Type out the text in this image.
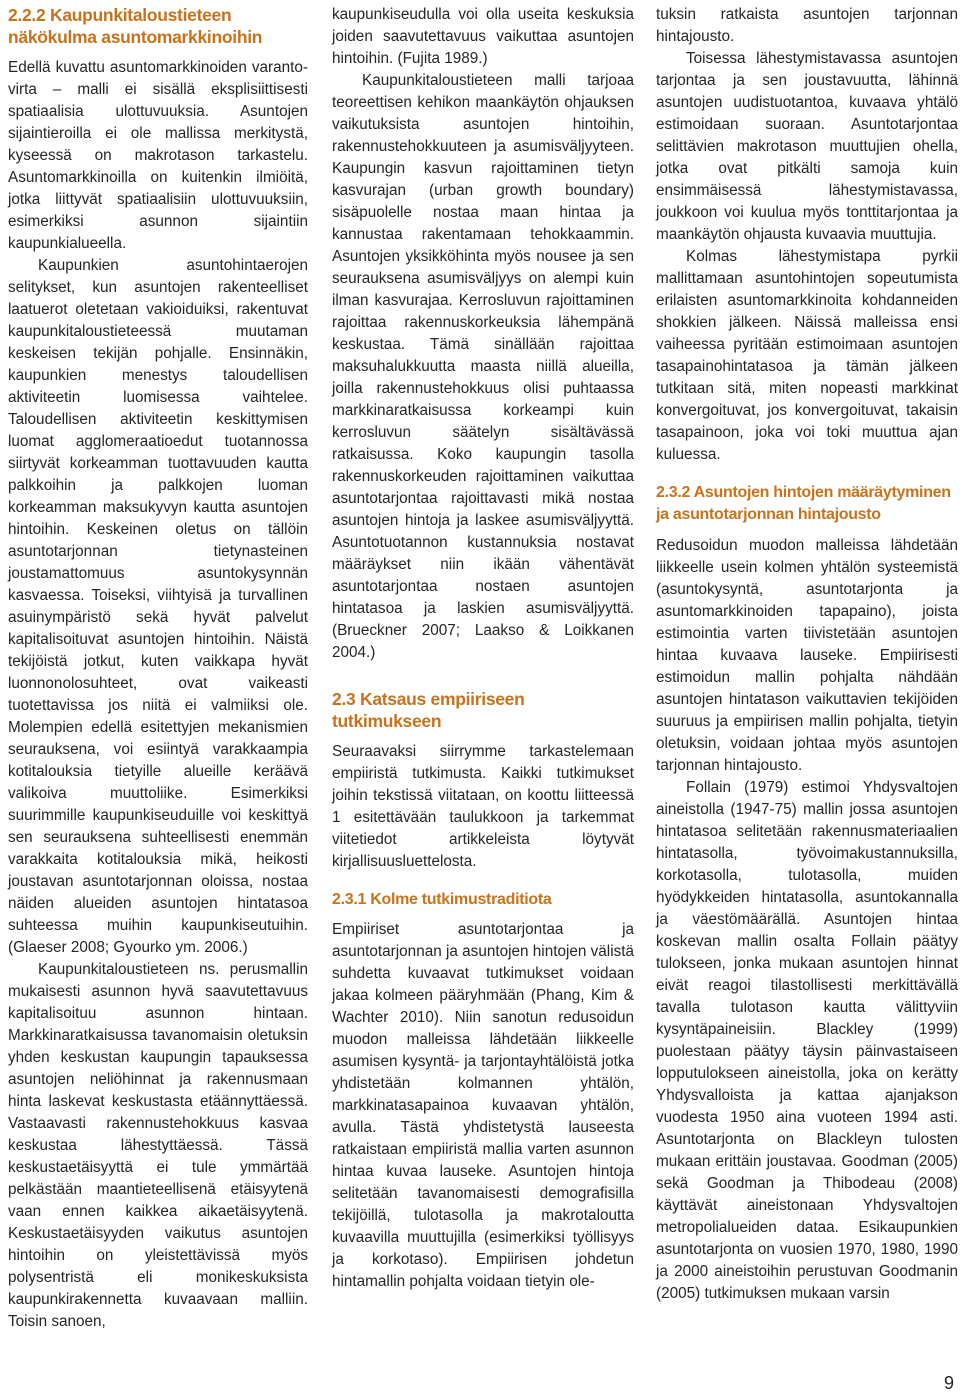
2.2.2 Kaupunkitaloustieteen näkökulma asuntomarkkinoihin

Edellä kuvattu asuntomarkkinoiden varanto-virta – malli ei sisällä eksplisiittisesti spatiaalisia ulottuvuuksia. Asuntojen sijaintieroilla ei ole mallissa merkitystä, kyseessä on makrotason tarkastelu. Asuntomarkkinoilla on kuitenkin ilmiöitä, jotka liittyvät spatiaalisiin ulottuvuuksiin, esimerkiksi asunnon sijaintiin kaupunkialueella.

Kaupunkien asuntohintaerojen selitykset, kun asuntojen rakenteelliset laatuerot oletetaan vakioiduiksi, rakentuvat kaupunkitaloustieteessä muutaman keskeisen tekijän pohjalle. Ensinnäkin, kaupunkien menestys taloudellisen aktiviteetin luomisessa vaihtelee. Taloudellisen aktiviteetin keskittymisen luomat agglomeraatioedut tuotannossa siirtyvät korkeamman tuottavuuden kautta palkkoihin ja palkkojen luoman korkeamman maksukyvyn kautta asuntojen hintoihin. Keskeinen oletus on tällöin asuntotarjonnan tietynasteinen joustamattomuus asuntokysynnän kasvaessa. Toiseksi, viihtyisä ja turvallinen asuinympäristö sekä hyvät palvelut kapitalisoituvat asuntojen hintoihin. Näistä tekijöistä jotkut, kuten vaikkapa hyvät luonnonolosuhteet, ovat vaikeasti tuotettavissa jos niitä ei valmiiksi ole. Molempien edellä esitettyjen mekanismien seurauksena, voi esiintyä varakkaampia kotitalouksia tietyille alueille keräävä valikoiva muuttoliike. Esimerkiksi suurimmille kaupunkiseuduille voi keskittyä sen seurauksena suhteellisesti enemmän varakkaita kotitalouksia mikä, heikosti joustavan asuntotarjonnan oloissa, nostaa näiden alueiden asuntojen hintatasoa suhteessa muihin kaupunkiseutuihin. (Glaeser 2008; Gyourko ym. 2006.)

Kaupunkitaloustieteen ns. perusmallin mukaisesti asunnon hyvä saavutettavuus kapitalisoituu asunnon hintaan. Markkinaratkaisussa tavanomaisin oletuksin yhden keskustan kaupungin tapauksessa asuntojen neliöhinnat ja rakennusmaan hinta laskevat keskustasta etäännyttäessä. Vastaavasti rakennustehokkuus kasvaa keskustaa lähestyttäessä. Tässä keskustaetäisyyttä ei tule ymmärtää pelkästään maantieteellisenä etäisyytenä vaan ennen kaikkea aikaetäisyytenä. Keskustaetäisyyden vaikutus asuntojen hintoihin on yleistettävissä myös polysentristä eli monikeskuksista kaupunkirakennetta kuvaavaan malliin. Toisin sanoen,

kaupunkiseudulla voi olla useita keskuksia joiden saavutettavuus vaikuttaa asuntojen hintoihin. (Fujita 1989.)

Kaupunkitaloustieteen malli tarjoaa teoreettisen kehikon maankäytön ohjauksen vaikutuksista asuntojen hintoihin, rakennustehokkuuteen ja asumisväljyyteen. Kaupungin kasvun rajoittaminen tietyn kasvurajan (urban growth boundary) sisäpuolelle nostaa maan hintaa ja kannustaa rakentamaan tehokkaammin. Asuntojen yksikköhinta myös nousee ja sen seurauksena asumisväljyys on alempi kuin ilman kasvurajaa. Kerrosluvun rajoittaminen rajoittaa rakennuskorkeuksia lähempänä keskustaa. Tämä sinällään rajoittaa maksuhalukkuutta maasta niillä alueilla, joilla rakennustehokkuus olisi puhtaassa markkinaratkaisussa korkeampi kuin kerrosluvun säätelyn sisältävässä ratkaisussa. Koko kaupungin tasolla rakennuskorkeuden rajoittaminen vaikuttaa asuntotarjontaa rajoittavasti mikä nostaa asuntojen hintoja ja laskee asumisväljyyttä. Asuntotuotannon kustannuksia nostavat määräykset niin ikään vähentävät asuntotarjontaa nostaen asuntojen hintatasoa ja laskien asumisväljyyttä. (Brueckner 2007; Laakso & Loikkanen 2004.)

2.3 Katsaus empiiriseen tutkimukseen

Seuraavaksi siirrymme tarkastelemaan empiiristä tutkimusta. Kaikki tutkimukset joihin tekstissä viitataan, on koottu liitteessä 1 esitettävään taulukkoon ja tarkemmat viitetiedot artikkeleista löytyvät kirjallisuusluettelosta.

2.3.1 Kolme tutkimustraditiota

Empiiriset asuntotarjontaa ja asuntotarjonnan ja asuntojen hintojen välistä suhdetta kuvaavat tutkimukset voidaan jakaa kolmeen pääryhmään (Phang, Kim & Wachter 2010). Niin sanotun redusoidun muodon malleissa lähdetään liikkeelle asumisen kysyntä- ja tarjontayhtälöistä jotka yhdistetään kolmannen yhtälön, markkinatasapainoa kuvaavan yhtälön, avulla. Tästä yhdistetystä lauseesta ratkaistaan empiiristä mallia varten asunnon hintaa kuvaa lauseke. Asuntojen hintoja selitetään tavanomaisesti demografisilla tekijöillä, tulotasolla ja makrotaloutta kuvaavilla muuttujilla (esimerkiksi työllisyys ja korkotaso). Empiirisen johdetun hintamallin pohjalta voidaan tietyin ole-

tuksin ratkaista asuntojen tarjonnan hintajousto.

Toisessa lähestymistavassa asuntojen tarjontaa ja sen joustavuutta, lähinnä asuntojen uudistuotantoa, kuvaava yhtälö estimoidaan suoraan. Asuntotarjontaa selittävien makrotason muuttujien ohella, jotka ovat pitkälti samoja kuin ensimmäisessä lähestymistavassa, joukkoon voi kuulua myös tonttitarjontaa ja maankäytön ohjausta kuvaavia muuttujia.

Kolmas lähestymistapa pyrkii mallittamaan asuntohintojen sopeutumista erilaisten asuntomarkkinoita kohdanneiden shokkien jälkeen. Näissä malleissa ensi vaiheessa pyritään estimoimaan asuntojen tasapainohintatasoa ja tämän jälkeen tutkitaan sitä, miten nopeasti markkinat konvergoituvat, jos konvergoituvat, takaisin tasapainoon, joka voi toki muuttua ajan kuluessa.

2.3.2 Asuntojen hintojen määräytyminen ja asuntotarjonnan hintajousto

Redusoidun muodon malleissa lähdetään liikkeelle usein kolmen yhtälön systeemistä (asuntokysyntä, asuntotarjonta ja asuntomarkkinoiden tapapaino), joista estimointia varten tiivistetään asuntojen hintaa kuvaava lauseke. Empiirisesti estimoidun mallin pohjalta nähdään asuntojen hintatason vaikuttavien tekijöiden suuruus ja empiirisen mallin pohjalta, tietyin oletuksin, voidaan johtaa myös asuntojen tarjonnan hintajousto.

Follain (1979) estimoi Yhdysvaltojen aineistolla (1947-75) mallin jossa asuntojen hintatasoa selitetään rakennusmateriaalien hintatasolla, työvoimakustannuksilla, korkotasolla, tulotasolla, muiden hyödykkeiden hintatasolla, asuntokannalla ja väestömäärällä. Asuntojen hintaa koskevan mallin osalta Follain päätyy tulokseen, jonka mukaan asuntojen hinnat eivät reagoi tilastollisesti merkittävällä tavalla tulotason kautta välittyviin kysyntäpaineisiin. Blackley (1999) puolestaan päätyy täysin päinvastaiseen lopputulokseen aineistolla, joka on kerätty Yhdysvalloista ja kattaa ajanjakson vuodesta 1950 aina vuoteen 1994 asti. Asuntotarjonta on Blackleyn tulosten mukaan erittäin joustavaa. Goodman (2005) sekä Goodman ja Thibodeau (2008) käyttävät aineistonaan Yhdysvaltojen metropolialueiden dataa. Esikaupunkien asuntotarjonta on vuosien 1970, 1980, 1990 ja 2000 aineistoihin perustuvan Goodmanin (2005) tutkimuksen mukaan varsin

9
